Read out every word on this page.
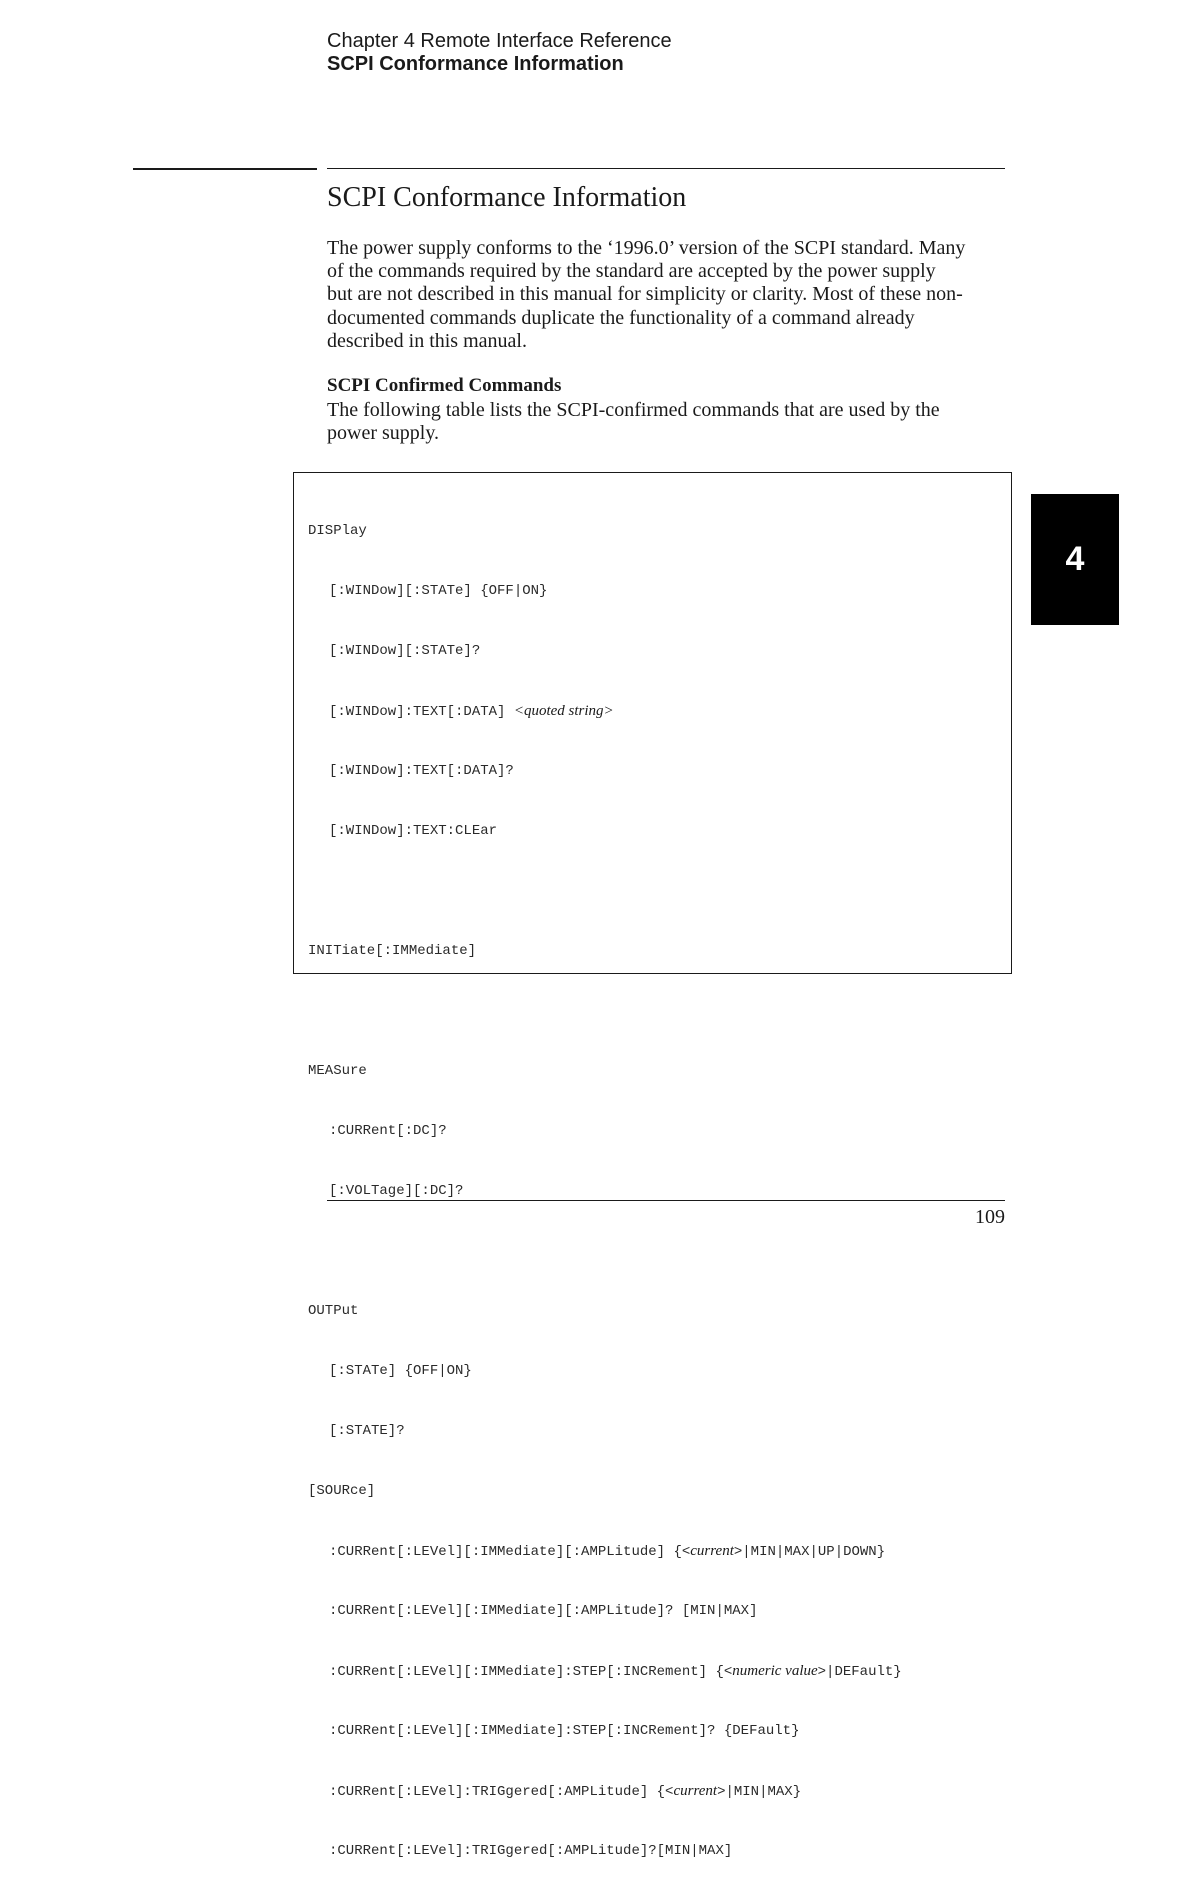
Chapter 4 Remote Interface Reference
SCPI Conformance Information
SCPI Conformance Information
The power supply conforms to the ‘1996.0’ version of the SCPI standard. Many
of the commands required by the standard are accepted by the power supply
but are not described in this manual for simplicity or clarity. Most of these non-
documented commands duplicate the functionality of a command already
described in this manual.
SCPI Confirmed Commands
The following table lists the SCPI-confirmed commands that are used by the
power supply.

DISPlay

[:WINDow][:STATe] {OFF|ON}

[:WINDow][:STATe]?

[:WINDow]:TEXT[:DATA] <quoted string>

[:WINDow]:TEXT[:DATA]?

[:WINDow]:TEXT:CLEar

INITiate[:IMMediate]

MEASure

:CURRent[:DC]?

[:VOLTage][:DC]?

OUTPut

[:STATe] {OFF|ON}

[:STATE]?

[SOURce]

:CURRent[:LEVel][:IMMediate][:AMPLitude] {<current>|MIN|MAX|UP|DOWN}

:CURRent[:LEVel][:IMMediate][:AMPLitude]? [MIN|MAX]

:CURRent[:LEVel][:IMMediate]:STEP[:INCRement] {<numeric value>|DEFault}

:CURRent[:LEVel][:IMMediate]:STEP[:INCRement]? {DEFault}

:CURRent[:LEVel]:TRIGgered[:AMPLitude] {<current>|MIN|MAX}

:CURRent[:LEVel]:TRIGgered[:AMPLitude]?[MIN|MAX]

4
109
